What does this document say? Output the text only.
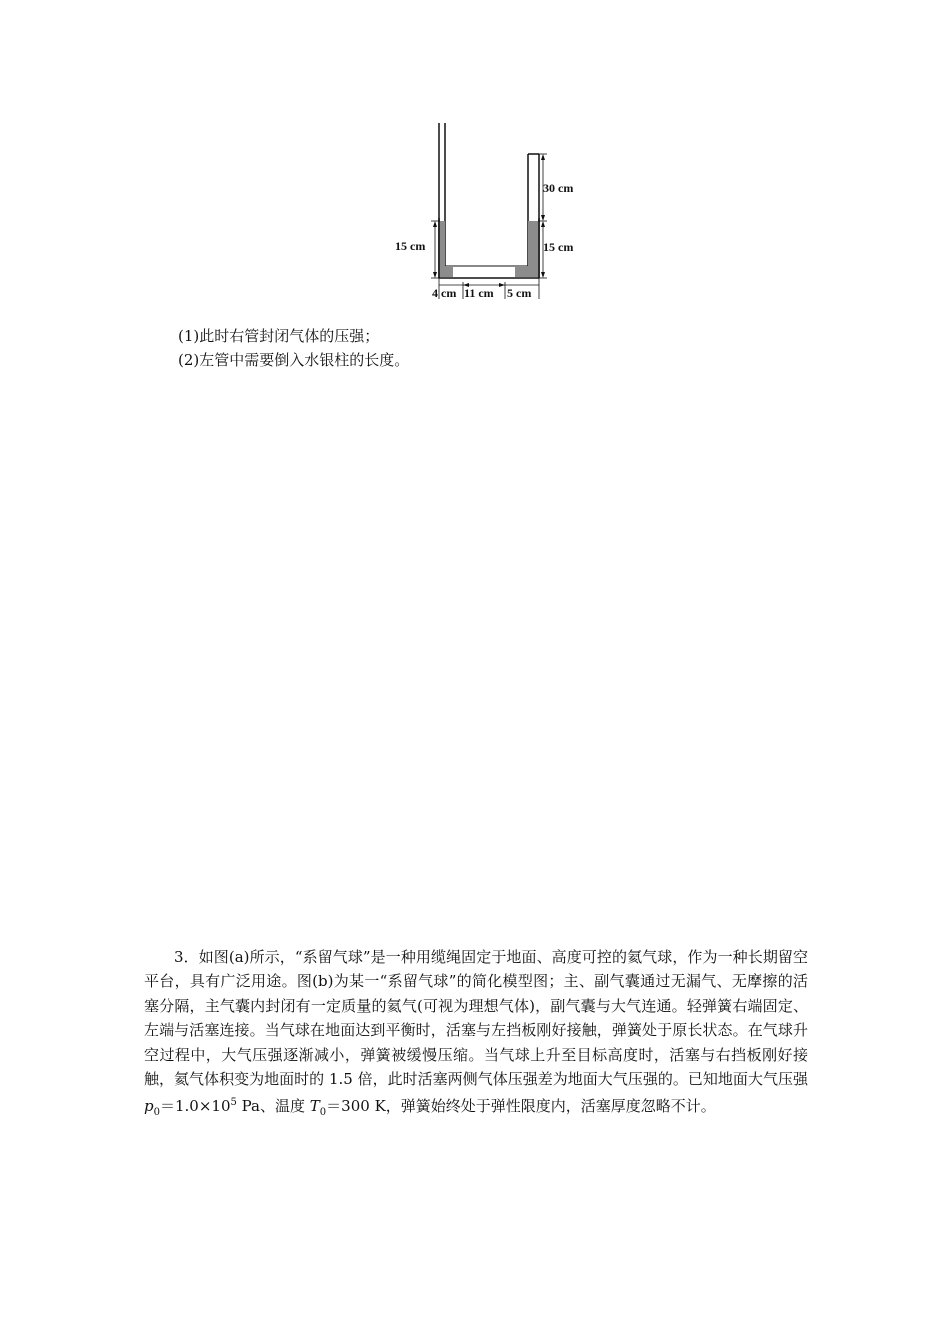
30 cm
15 cm
15 cm
4 cm 11 cm 5 cm
(1)此时右管封闭气体的压强；
(2)左管中需要倒入水银柱的长度。

3．如图(a)所示，“系留气球”是一种用缆绳固定于地面、高度可控的氦气球，作为一种长期留空平台，具有广泛用途。图(b)为某一“系留气球”的简化模型图；主、副气囊通过无漏气、无摩擦的活塞分隔，主气囊内封闭有一定质量的氦气(可视为理想气体)，副气囊与大气连通。轻弹簧右端固定、左端与活塞连接。当气球在地面达到平衡时，活塞与左挡板刚好接触，弹簧处于原长状态。在气球升空过程中，大气压强逐渐减小，弹簧被缓慢压缩。当气球上升至目标高度时，活塞与右挡板刚好接触，氦气体积变为地面时的 1.5 倍，此时活塞两侧气体压强差为地面大气压强的。已知地面大气压强 $p_0=1.0\times 10^5$ Pa、温度 $T_0=300$ K，弹簧始终处于弹性限度内，活塞厚度忽略不计。
